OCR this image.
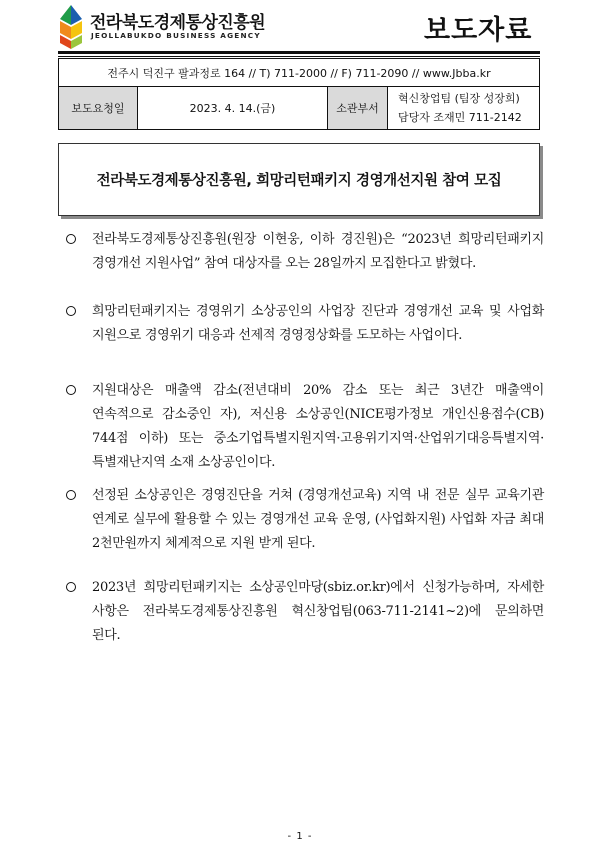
전라북도경제통상진흥원
JEOLLABUKDO BUSINESS AGENCY	보도자료
전주시 덕진구 팔과정로 164 // T) 711-2000 // F) 711-2090 // www.Jbba.kr
보도요청일	2023. 4. 14.(금)	소관부서
혁신창업팀 (팀장 성장희)
담당자 조재민 711-2142
전라북도경제통상진흥원, 희망리턴패키지 경영개선지원 참여 모집
전라북도경제통상진흥원(원장 이현웅, 이하 경진원)은 “2023년 희망리턴패키지 경영개선 지원사업” 참여 대상자를 오는 28일까지 모집한다고 밝혔다.
희망리턴패키지는 경영위기 소상공인의 사업장 진단과 경영개선 교육 및 사업화 지원으로 경영위기 대응과 선제적 경영정상화를 도모하는 사업이다.
지원대상은 매출액 감소(전년대비 20% 감소 또는 최근 3년간 매출액이 연속적으로 감소중인 자), 저신용 소상공인(NICE평가정보 개인신용점수(CB) 744점 이하) 또는 중소기업특별지원지역·고용위기지역·산업위기대응특별지역·특별재난지역 소재 소상공인이다.
선정된 소상공인은 경영진단을 거쳐 (경영개선교육) 지역 내 전문 실무 교육기관 연계로 실무에 활용할 수 있는 경영개선 교육 운영, (사업화지원) 사업화 자금 최대 2천만원까지 체계적으로 지원 받게 된다.
2023년 희망리턴패키지는 소상공인마당(sbiz.or.kr)에서 신청가능하며, 자세한 사항은 전라북도경제통상진흥원 혁신창업팀(063-711-2141~2)에 문의하면 된다.
- 1 -
